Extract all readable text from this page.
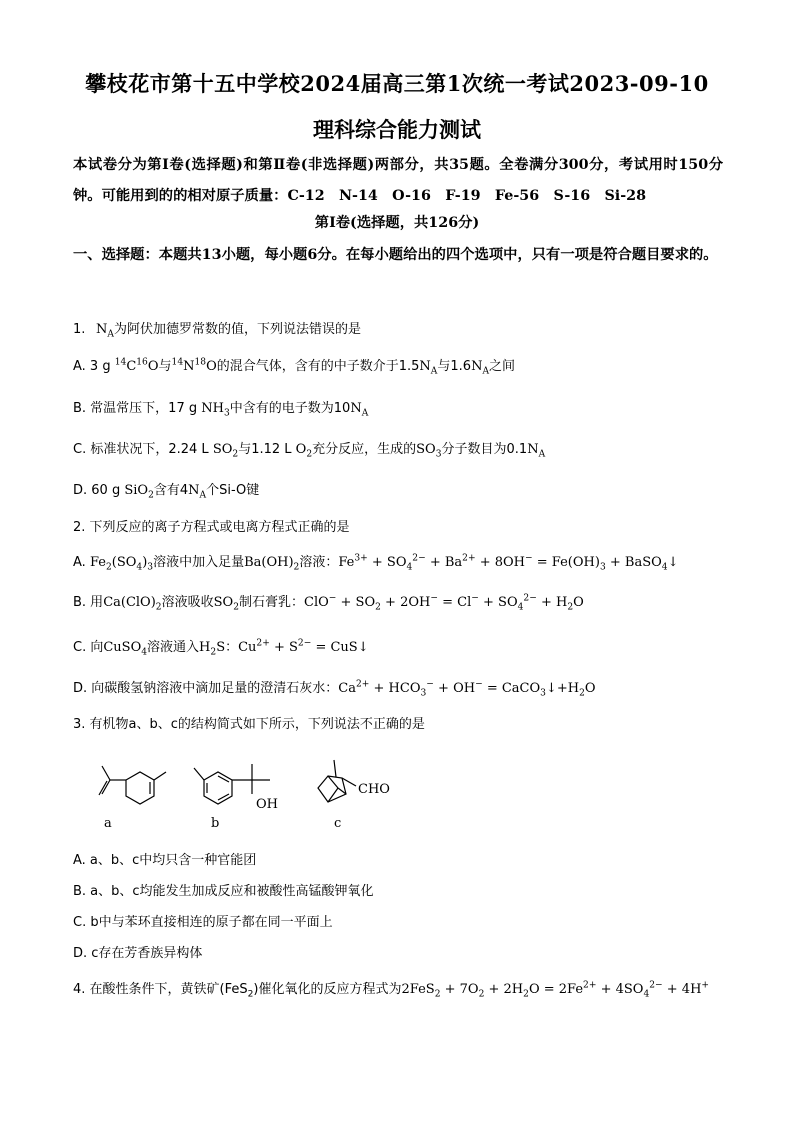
攀枝花市第十五中学校2024届高三第1次统一考试2023-09-10
理科综合能力测试
本试卷分为第Ⅰ卷(选择题)和第Ⅱ卷(非选择题)两部分，共35题。全卷满分300分，考试用时150分钟。可能用到的的相对原子质量：C-12　N-14　O-16　F-19　Fe-56　S-16　Si-28
第Ⅰ卷(选择题，共126分)
一、选择题：本题共13小题，每小题6分。在每小题给出的四个选项中，只有一项是符合题目要求的。
1.  $N_A$为阿伏加德罗常数的值，下列说法错误的是
A. 3 g $^{14}C^{16}O$与$^{14}N^{18}O$的混合气体，含有的中子数介于$1.5N_A$与$1.6N_A$之间
B. 常温常压下，17 g $NH_3$中含有的电子数为$10N_A$
C. 标准状况下，2.24 L $SO_2$与1.12 L $O_2$充分反应，生成的$SO_3$分子数目为$0.1N_A$
D. 60 g SiO$_2$含有$4N_A$个Si-O键
2. 下列反应的离子方程式或电离方程式正确的是
A. $Fe_2(SO_4)_3$溶液中加入足量$Ba(OH)_2$溶液：$Fe^{3+} + SO_4^{2-} + Ba^{2+} + 8OH^- = Fe(OH)_3$ + BaSO$_4$↓
B. 用$Ca(ClO)_2$溶液吸收$SO_2$制石膏乳：$ClO^- + SO_2 + 2OH^- = Cl^- + SO_4^{2-} + H_2O$
C. 向CuSO$_4$溶液通入$H_2S$：$Cu^{2+} + S^{2-}$ = CuS↓
D. 向碳酸氢钠溶液中滴加足量的澄清石灰水：$Ca^{2+} + HCO_3^- + OH^-$ = $CaCO_3↓+H_2O$
3. 有机物a、b、c的结构简式如下所示，下列说法不正确的是
OH
CHO
a	b	c
A. a、b、c中均只含一种官能团
B. a、b、c均能发生加成反应和被酸性高锰酸钾氧化
C. b中与苯环直接相连的原子都在同一平面上
D. c存在芳香族异构体
4. 在酸性条件下，黄铁矿(FeS$_2$)催化氧化的反应方程式为$2FeS_2 + 7O_2 + 2H_2O = 2Fe^{2+} + 4SO_4^{2-} + 4H^+$
